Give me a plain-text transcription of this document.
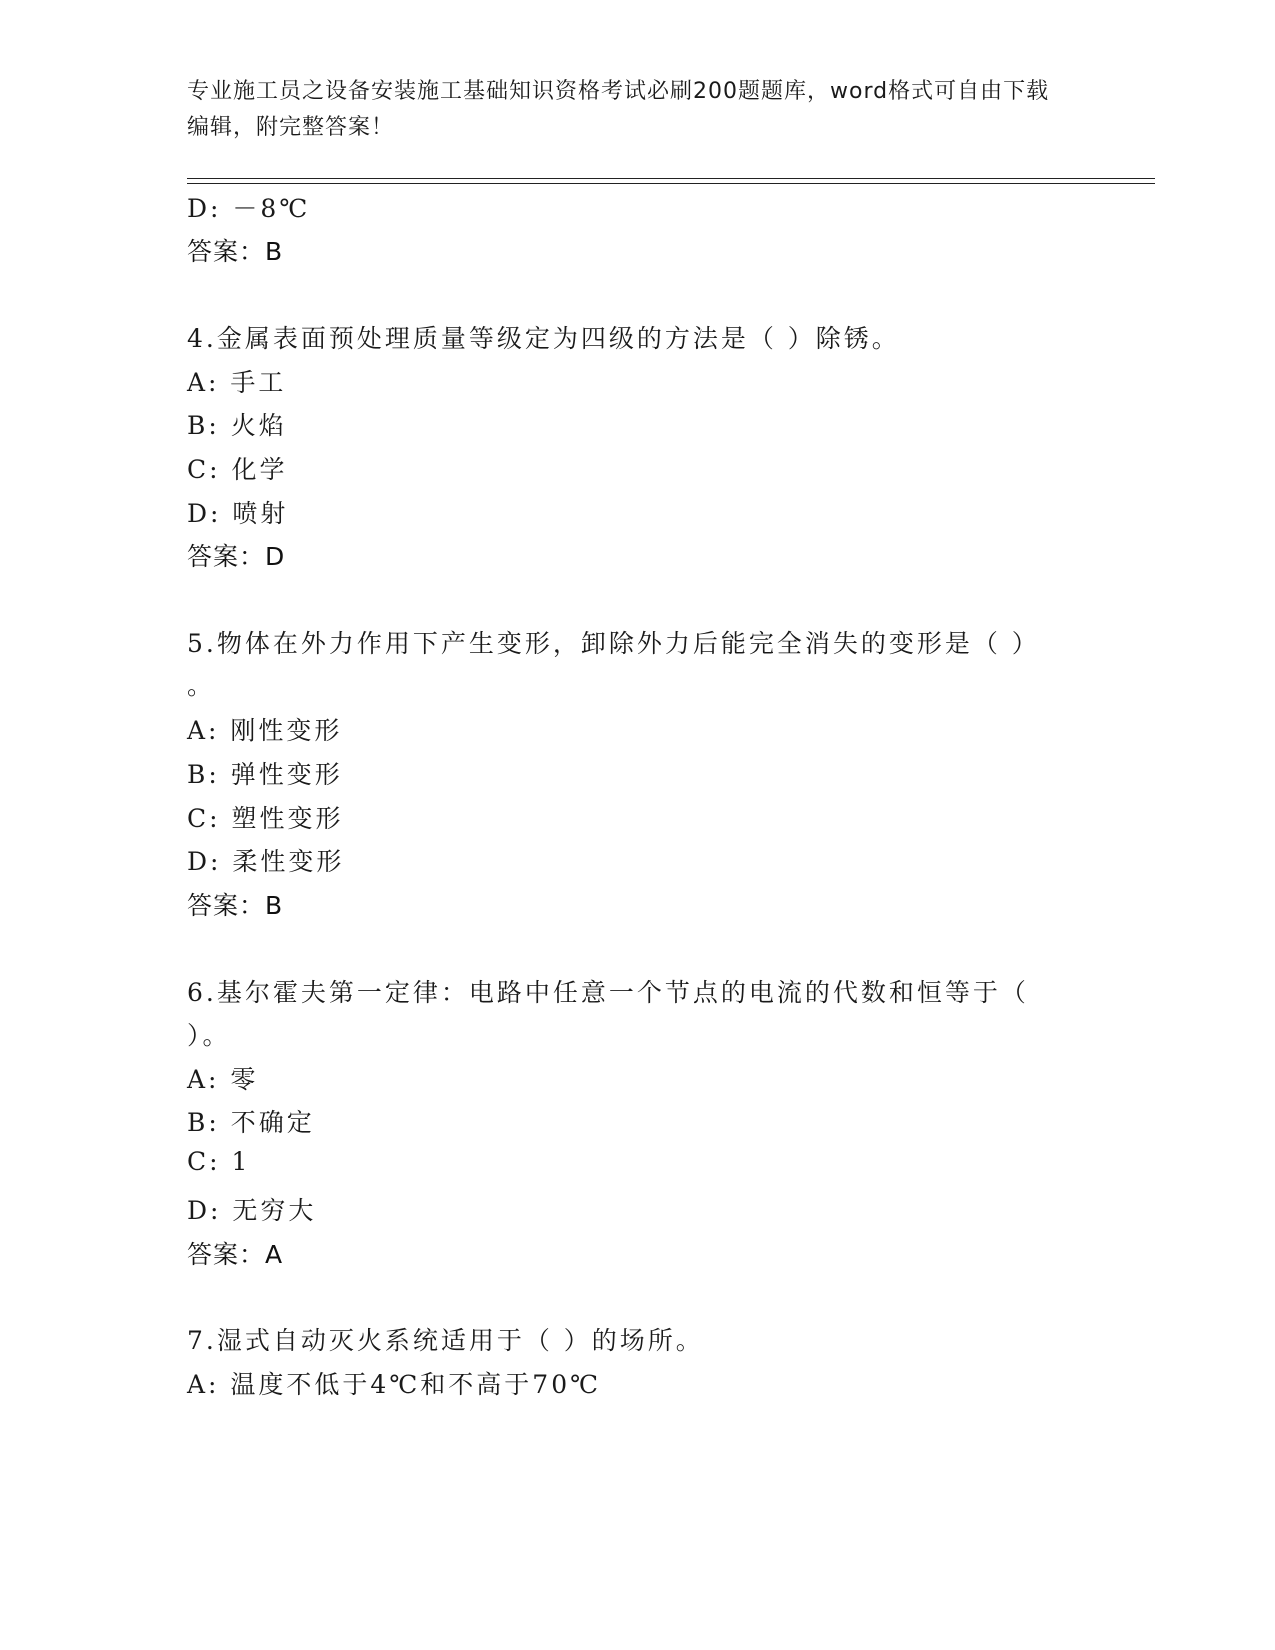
专业施工员之设备安装施工基础知识资格考试必刷200题题库，word格式可自由下载编辑，附完整答案！
D: －8℃
答案：B
4.金属表面预处理质量等级定为四级的方法是（ ）除锈。
A: 手工
B: 火焰
C: 化学
D: 喷射
答案：D
5.物体在外力作用下产生变形，卸除外力后能完全消失的变形是（ ）
。
A: 刚性变形
B: 弹性变形
C: 塑性变形
D: 柔性变形
答案：B
6.基尔霍夫第一定律：电路中任意一个节点的电流的代数和恒等于（
）。
A: 零
B: 不确定
C: 1
D: 无穷大
答案：A
7.湿式自动灭火系统适用于（ ）的场所。
A: 温度不低于4℃和不高于70℃
